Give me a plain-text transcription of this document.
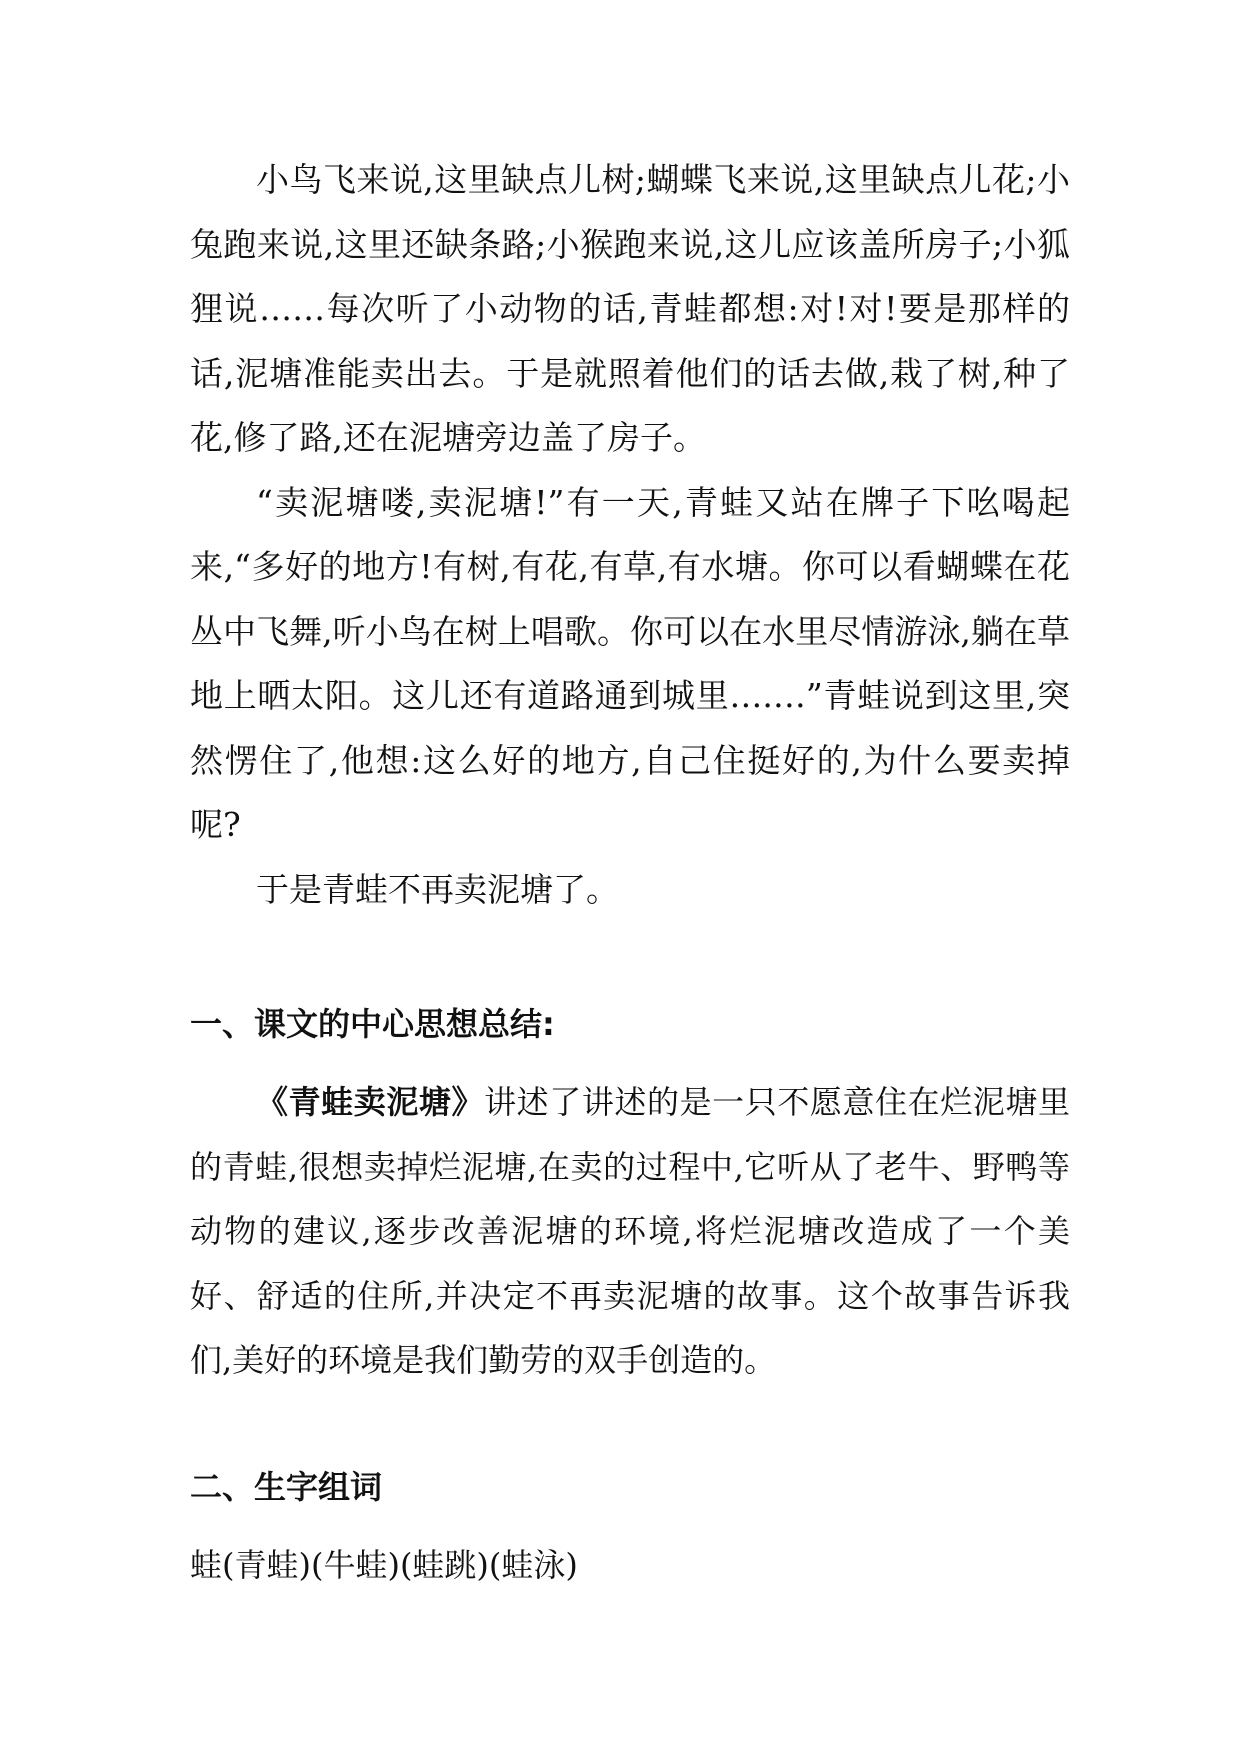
小鸟飞来说,这里缺点儿树;蝴蝶飞来说,这里缺点儿花;小兔跑来说,这里还缺条路;小猴跑来说,这儿应该盖所房子;小狐狸说……每次听了小动物的话,青蛙都想:对!对!要是那样的话,泥塘准能卖出去。于是就照着他们的话去做,栽了树,种了花,修了路,还在泥塘旁边盖了房子。

“卖泥塘喽,卖泥塘!”有一天,青蛙又站在牌子下吆喝起来,“多好的地方!有树,有花,有草,有水塘。你可以看蝴蝶在花丛中飞舞,听小鸟在树上唱歌。你可以在水里尽情游泳,躺在草地上晒太阳。这儿还有道路通到城里….…”青蛙说到这里,突然愣住了,他想:这么好的地方,自己住挺好的,为什么要卖掉呢?

于是青蛙不再卖泥塘了。

一、课文的中心思想总结:

《青蛙卖泥塘》讲述了讲述的是一只不愿意住在烂泥塘里的青蛙,很想卖掉烂泥塘,在卖的过程中,它听从了老牛、野鸭等动物的建议,逐步改善泥塘的环境,将烂泥塘改造成了一个美好、舒适的住所,并决定不再卖泥塘的故事。这个故事告诉我们,美好的环境是我们勤劳的双手创造的。

二、生字组词

蛙(青蛙)(牛蛙)(蛙跳)(蛙泳)
